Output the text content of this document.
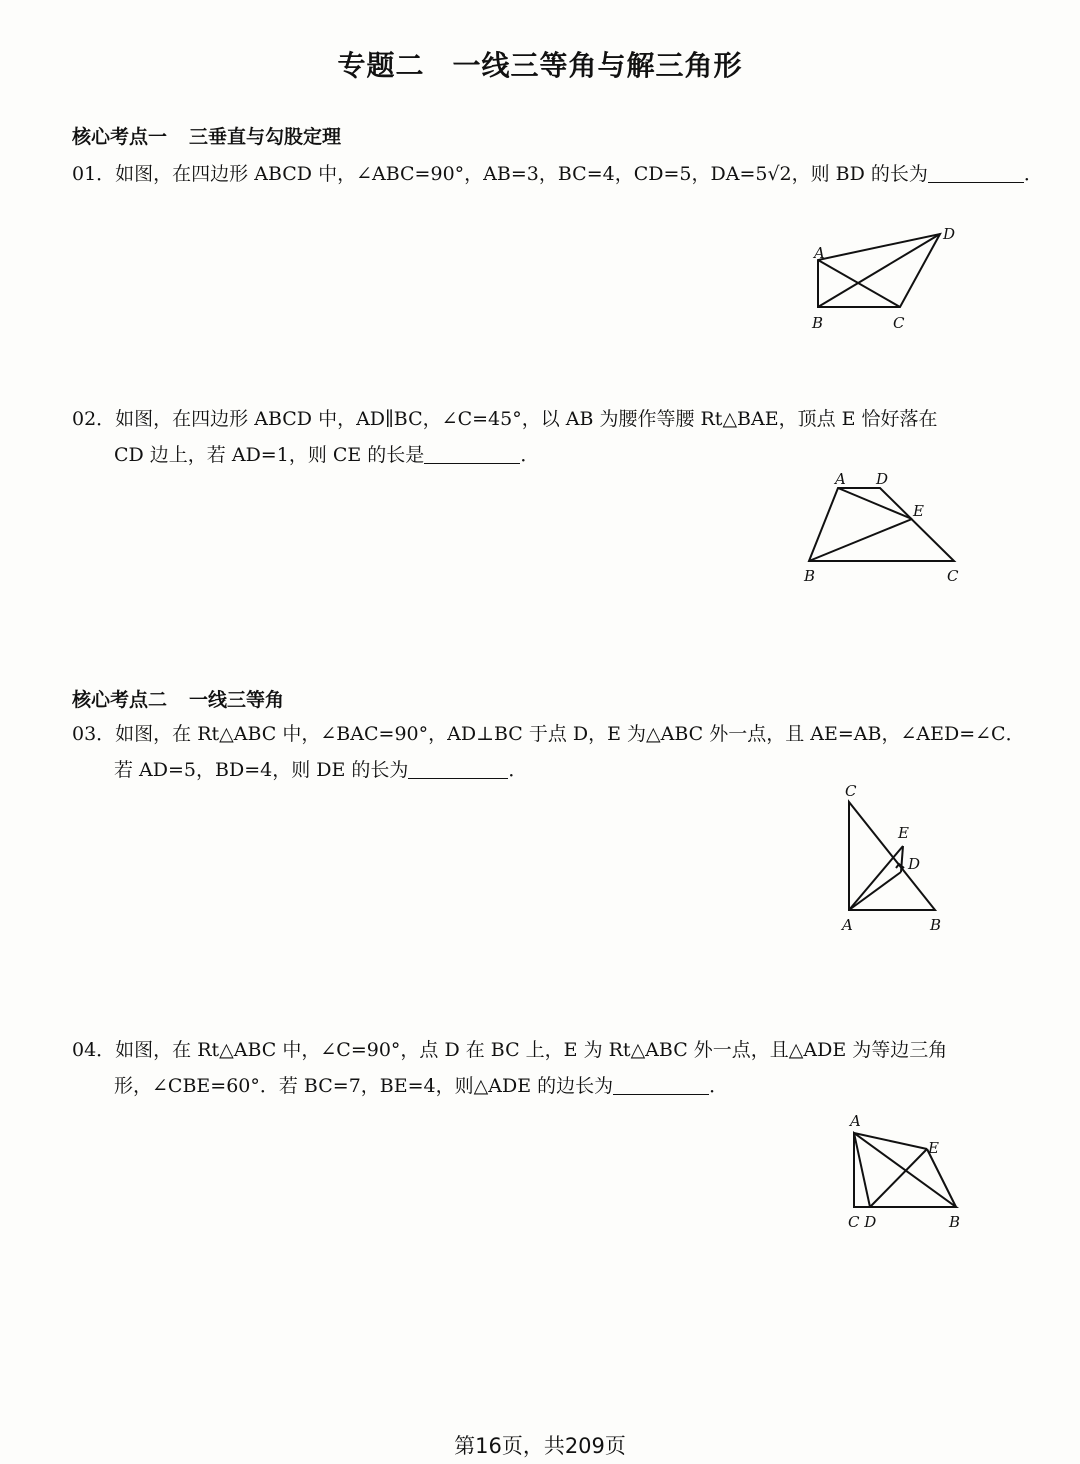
专题二 一线三等角与解三角形
核心考点一 三垂直与勾股定理
01．如图，在四边形 ABCD 中，∠ABC=90°，AB=3，BC=4，CD=5，DA=5√2，则 BD 的长为	．
A
B	C
D
02．如图，在四边形 ABCD 中，AD∥BC，∠C=45°，以 AB 为腰作等腰 Rt△BAE，顶点 E 恰好落在
CD 边上，若 AD=1，则 CE 的长是	．
A D
E
B	C
核心考点二 一线三等角
03．如图，在 Rt△ABC 中，∠BAC=90°，AD⊥BC 于点 D，E 为△ABC 外一点，且 AE=AB，∠AED=∠C．
若 AD=5，BD=4，则 DE 的长为	．
C
E
D
A	B
04．如图，在 Rt△ABC 中，∠C=90°，点 D 在 BC 上，E 为 Rt△ABC 外一点，且△ADE 为等边三角
形，∠CBE=60°．若 BC=7，BE=4，则△ADE 的边长为	．
A
E
C D	B
第16页，共209页
